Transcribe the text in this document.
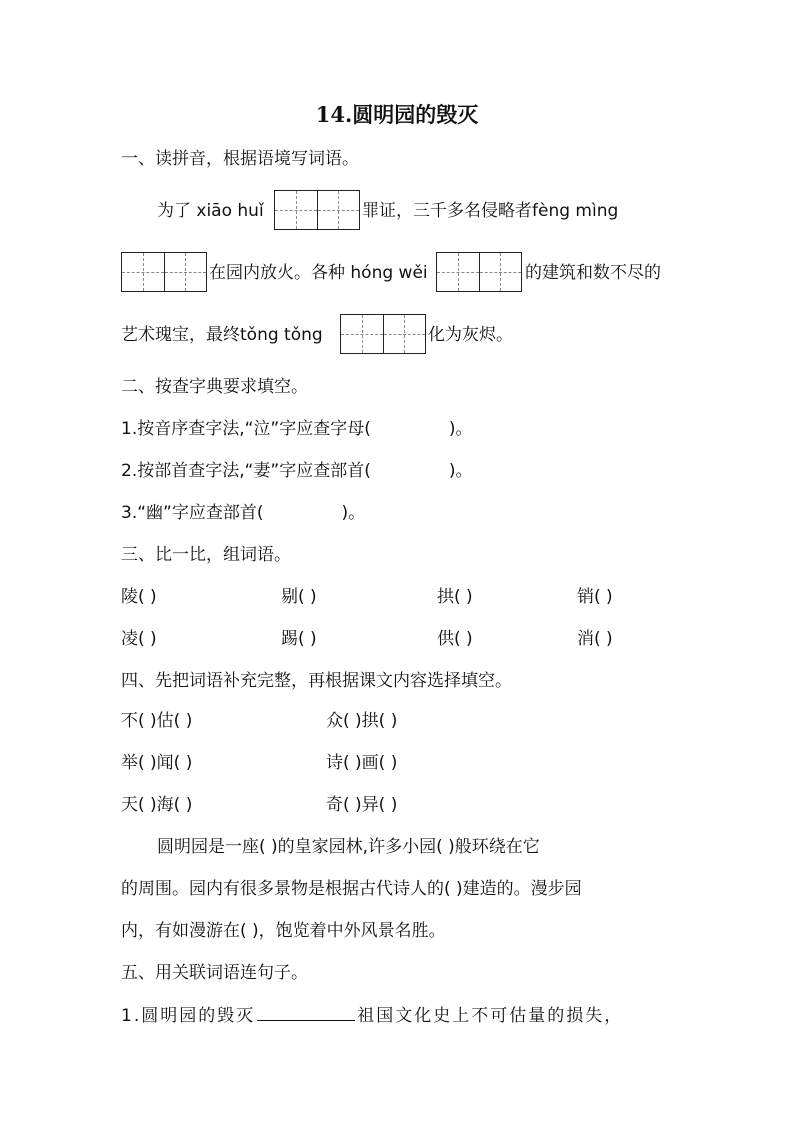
14.圆明园的毁灭
一、读拼音，根据语境写词语。
为了 xiāo huǐ	罪证，三千多名侵略者fèng mìng
在园内放火。各种 hóng wěi	的建筑和数不尽的
艺术瑰宝，最终tǒng tǒng	化为灰烬。
二、按查字典要求填空。
1.按音序查字法,“泣”字应查字母(	)。
2.按部首查字法,“妻”字应查部首(	)。
3.“幽”字应查部首(	)。
三、比一比，组词语。
陵( )	剔( )	拱( )	销( )
凌( )	踢( )	供( )	消( )
四、先把词语补充完整，再根据课文内容选择填空。
不( )估( )	众( )拱( )
举( )闻( )	诗( )画( )
天( )海( )	奇( )异( )
圆明园是一座( )的皇家园林,许多小园( )般环绕在它
的周围。园内有很多景物是根据古代诗人的( )建造的。漫步园
内，有如漫游在( )，饱览着中外风景名胜。
五、用关联词语连句子。
1.圆明园的毁灭	祖国文化史上不可估量的损失，
